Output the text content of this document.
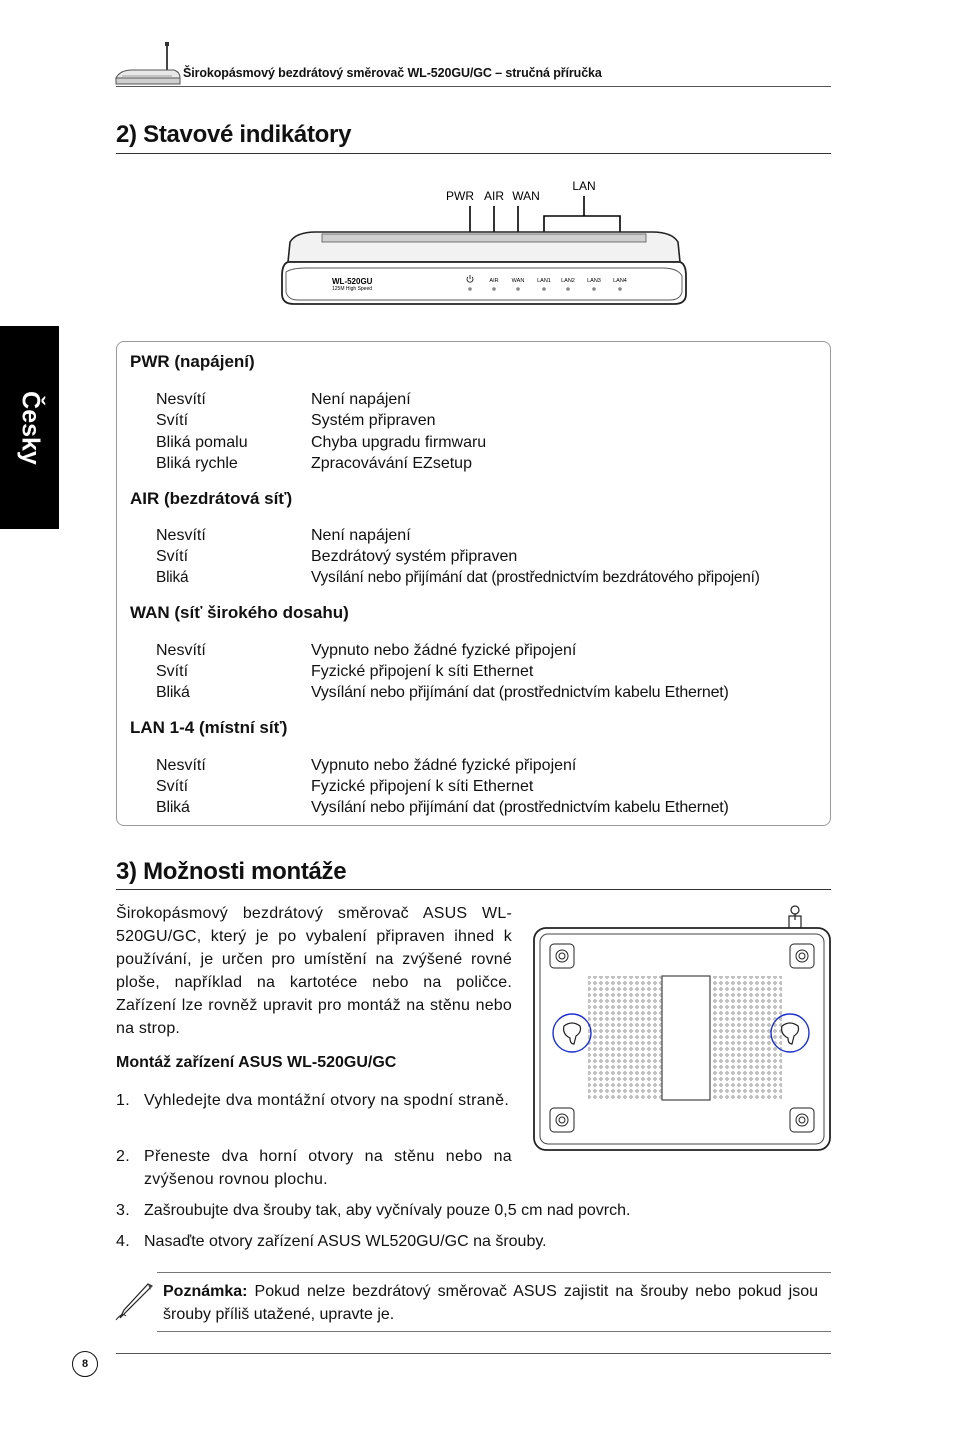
Širokopásmový bezdrátový směrovač WL-520GU/GC – stručná příručka
Česky
2) Stavové indikátory
PWR AIR WAN
LAN
WL-520GU
125M High Speed
AIR WAN LAN1 LAN2 LAN3 LAN4
PWR (napájení)
Nesvítí	Není napájení
Svítí	Systém připraven
Bliká pomalu	Chyba upgradu firmwaru
Bliká rychle	Zpracovávání EZsetup
AIR (bezdrátová síť)
Nesvítí	Není napájení
Svítí	Bezdrátový systém připraven
Bliká	Vysílání nebo přijímání dat (prostřednictvím bezdrátového připojení)
WAN (síť širokého dosahu)
Nesvítí	Vypnuto nebo žádné fyzické připojení
Svítí	Fyzické připojení k síti Ethernet
Bliká	Vysílání nebo přijímání dat (prostřednictvím kabelu Ethernet)
LAN 1-4 (místní síť)
Nesvítí	Vypnuto nebo žádné fyzické připojení
Svítí	Fyzické připojení k síti Ethernet
Bliká	Vysílání nebo přijímání dat (prostřednictvím kabelu Ethernet)
3) Možnosti montáže
Širokopásmový bezdrátový směrovač ASUS WL-520GU/GC, který je po vybalení připraven ihned k používání, je určen pro umístění na zvýšené rovné ploše, například na kartotéce nebo na poličce. Zařízení lze rovněž upravit pro montáž na stěnu nebo na strop.
Montáž zařízení ASUS WL-520GU/GC
1. Vyhledejte dva montážní otvory na spodní straně.
2. Přeneste dva horní otvory na stěnu nebo na zvýšenou rovnou plochu.
3. Zašroubujte dva šrouby tak, aby vyčnívaly pouze 0,5 cm nad povrch.
4. Nasaďte otvory zařízení ASUS WL520GU/GC na šrouby.
Poznámka: Pokud nelze bezdrátový směrovač ASUS zajistit na šrouby nebo pokud jsou šrouby příliš utažené, upravte je.
8
